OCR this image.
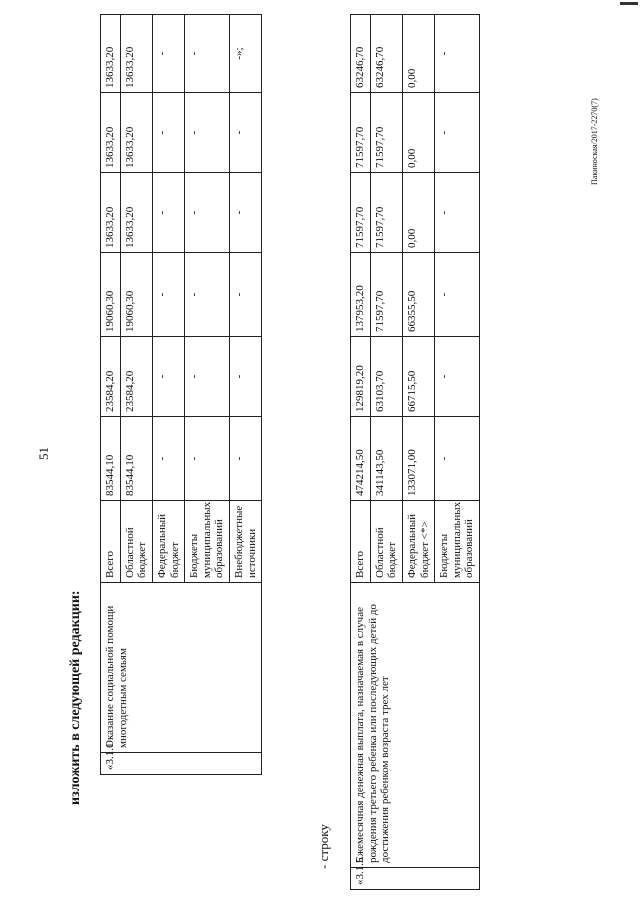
51
изложить в следующей редакции: «3.1.1	Оказание социальной помощи многодетным семьям	Всего	83544,10	23584,20	19060,30	13633,20	13633,20	13633,20
		Областной бюджет	83544,10	23584,20	19060,30	13633,20	13633,20	13633,20
		Федеральный бюджет	-	-	-	-	-	-
		Бюджеты муниципальных образований	-	-	-	-	-	-
		Внебюджетные источники	-	-	-	-	-	-»;
- строку
«3.1.5	Ежемесячная денежная выплата, назначаемая в случае рождения третьего ребенка или последующих детей до достижения ребенком возраста трех лет	Всего	474214,50	129819,20	137953,20	71597,70	71597,70	63246,70
		Областной бюджет	341143,50	63103,70	71597,70	71597,70	71597,70	63246,70
		Федеральный бюджет <*>	133071,00	66715,50	66355,50	0,00	0,00	0,00
		Бюджеты муниципальных образований	-	-	-	-	-	-
Пакиноская/2017-2270(7)
